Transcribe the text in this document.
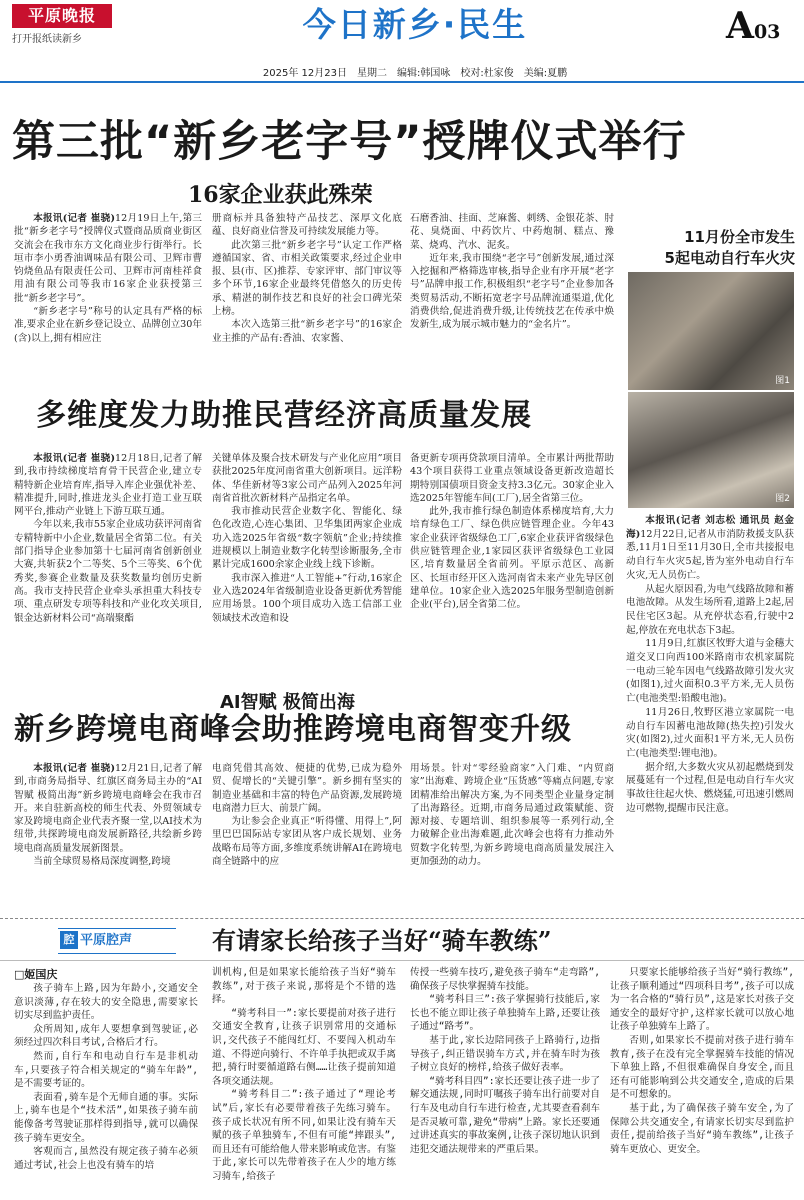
平原晚报
打开报纸读新乡	今日新乡·民生	A03
2025年 12月23日　星期二　编辑:韩国咏　校对:杜家俊　美编:夏鹏
第三批“新乡老字号”授牌仪式举行
16家企业获此殊荣

本报讯(记者 崔骁)12月19日上午,第三批“新乡老字号”授牌仪式暨商品质商业街区交流会在我市东方文化商业步行街举行。长垣市李小勇香油调味品有限公司、卫辉市曹钧烧鱼品有限责任公司、卫辉市河南桂祥食用油有限公司等我市16家企业获授第三批“新乡老字号”。

“新乡老字号”称号的认定具有严格的标准,要求企业在新乡登记设立、品牌创立30年(含)以上,拥有相应注

册商标并具备独特产品技艺、深厚文化底蕴、良好商业信誉及可持续发展能力等。

此次第三批“新乡老字号”认定工作严格遵循国家、省、市相关政策要求,经过企业申报、县(市、区)推荐、专家评审、部门审议等多个环节,16家企业最终凭借悠久的历史传承、精湛的制作技艺和良好的社会口碑光荣上榜。

本次入选第三批“新乡老字号”的16家企业主推的产品有:香油、农家酱、

石磨香油、挂面、芝麻酱、刺绣、金银花茶、肘花、臭烧面、中药饮片、中药炮制、糕点、豫菜、烧鸡、汽水、泥炙。

近年来,我市围绕“老字号”创新发展,通过深入挖掘和严格筛选审核,指导企业有序开展“老字号”品牌申报工作,积极组织“老字号”企业参加各类贸易活动,不断拓宽老字号品牌流通渠道,优化消费供给,促进消费升级,让传统技艺在传承中焕发新生,成为展示城市魅力的“金名片”。

多维度发力助推民营经济高质量发展

本报讯(记者 崔骁)12月18日,记者了解到,我市持续梯度培育骨干民营企业,建立专精特新企业培育库,指导入库企业强优补差、精准提升,同时,推进龙头企业打造工业互联网平台,推动产业链上下游互联互通。

今年以来,我市55家企业成功获评河南省专精特新中小企业,数量居全省第二位。有关部门指导企业参加第十七届河南省创新创业大赛,共斩获2个二等奖、5个三等奖、6个优秀奖,参赛企业数量及获奖数量均创历史新高。我市支持民营企业牵头承担重大科技专项、重点研发专项等科技和产业化攻关项目,银金达新材料公司“高端聚酯

关键单体及聚合技术研发与产业化应用”项目获批2025年度河南省重大创新项目。远洋粉体、华佳新材等3家公司产品列入2025年河南省首批次新材料产品指定名单。

我市推动民营企业数字化、智能化、绿色化改造,心连心集团、卫华集团两家企业成功入选2025年省级“数字领航”企业;持续推进规模以上制造业数字化转型诊断服务,全市累计完成1600余家企业线上线下诊断。

我市深入推进“人工智能+”行动,16家企业入选2024年省级制造业设备更新优秀智能应用场景。100个项目成功入选工信部工业领域技术改造和设

备更新专项再贷款项目清单。全市累计两批帮助43个项目获得工业重点领域设备更新改造超长期特别国债项目资金支持3.3亿元。30家企业入选2025年智能车间(工厂),居全省第三位。

此外,我市推行绿色制造体系梯度培育,大力培育绿色工厂、绿色供应链管理企业。今年43家企业获评省级绿色工厂,6家企业获评省级绿色供应链管理企业,1家园区获评省级绿色工业园区,培育数量居全省前列。平原示范区、高新区、长垣市经开区入选河南省未来产业先导区创建单位。10家企业入选2025年服务型制造创新企业(平台),居全省第二位。

AI智赋 极简出海
新乡跨境电商峰会助推跨境电商智变升级

本报讯(记者 崔骁)12月21日,记者了解到,市商务局指导、红旗区商务局主办的“AI智赋 极简出海”新乡跨境电商峰会在我市召开。来自驻新高校的师生代表、外贸领域专家及跨境电商企业代表齐聚一堂,以AI技术为纽带,共探跨境电商发展新路径,共绘新乡跨境电商高质量发展新图景。

当前全球贸易格局深度调整,跨境

电商凭借其高效、便捷的优势,已成为稳外贸、促增长的“关键引擎”。新乡拥有坚实的制造业基础和丰富的特色产品资源,发展跨境电商潜力巨大、前景广阔。

为让参会企业真正“听得懂、用得上”,阿里巴巴国际站专家团从客户成长规划、业务战略布局等方面,多维度系统讲解AI在跨境电商全链路中的应

用场景。针对“零经验商家”入门难、“内贸商家”出海难、跨境企业“压货感”等痛点问题,专家团精准给出解决方案,为不同类型企业量身定制了出海路径。近期,市商务局通过政策赋能、资源对接、专题培训、组织参展等一系列行动,全力破解企业出海难题,此次峰会也将有力推动外贸数字化转型,为新乡跨境电商高质量发展注入更加强劲的动力。

11月份全市发生
5起电动自行车火灾
图1
图2

本报讯(记者 刘志松 通讯员 赵金海)12月22日,记者从市消防救援支队获悉,11月1日至11月30日,全市共接报电动自行车火灾5起,皆为室外电动自行车火灾,无人员伤亡。

从起火原因看,为电气线路故障和蓄电池故障。从发生场所看,道路上2起,居民住宅区3起。从充停状态看,行驶中2起,停放在充电状态下3起。

11月9日,红旗区牧野大道与金穗大道交叉口向西100米路南市农机家属院一电动三轮车因电气线路故障引发火灾(如图1),过火面积0.3平方米,无人员伤亡(电池类型:铅酸电池)。

11月26日,牧野区港立家属院一电动自行车因蓄电池故障(热失控)引发火灾(如图2),过火面积1平方米,无人员伤亡(电池类型:锂电池)。

据介绍,大多数火灾从初起燃烧到发展蔓延有一个过程,但是电动自行车火灾事故往往起火快、燃烧猛,可迅速引燃周边可燃物,提醒市民注意。

平原腔声
腔	有请家长给孩子当好“骑车教练”
□姬国庆

孩子骑车上路,因为年龄小,交通安全意识淡薄,存在较大的安全隐患,需要家长切实尽到监护责任。

众所周知,成年人要想拿到驾驶证,必须经过四次科目考试,合格后才行。

然而,自行车和电动自行车是非机动车,只要孩子符合相关规定的“骑车年龄”,是不需要考证的。

表面看,骑车是个无师自通的事。实际上,骑车也是个“技术活”,如果孩子骑车前能像备考驾驶证那样得到指导,就可以确保孩子骑车更安全。

客观而言,虽然没有规定孩子骑车必须通过考试,社会上也没有骑车的培

训机构,但是如果家长能给孩子当好“骑车教练”,对于孩子来说,那将是个不错的选择。

“骑考科目一”:家长要提前对孩子进行交通安全教育,让孩子识别常用的交通标识,交代孩子不能闯红灯、不要闯入机动车道、不得逆向骑行、不许单手执把或双手离把,骑行时要循道路右侧……让孩子提前知道各项交通法规。

“骑考科目二”:孩子通过了“理论考试”后,家长有必要带着孩子先练习骑车。孩子成长状况有所不同,如果让没有骑车天赋的孩子单独骑车,不但有可能“摔跟头”,而且还有可能给他人带来影响或危害。有鉴于此,家长可以先带着孩子在人少的地方练习骑车,给孩子

传授一些骑车技巧,避免孩子骑车“走弯路”,确保孩子尽快掌握骑车技能。

“骑考科目三”:孩子掌握骑行技能后,家长也不能立即让孩子单独骑车上路,还要让孩子通过“路考”。

基于此,家长边陪同孩子上路骑行,边指导孩子,纠正错误骑车方式,并在骑车时为孩子树立良好的榜样,给孩子做好表率。

“骑考科目四”:家长还要让孩子进一步了解交通法规,同时叮嘱孩子骑车出行前要对自行车及电动自行车进行检查,尤其要查看刹车是否灵敏可靠,避免“带病”上路。家长还要通过讲述真实的事故案例,让孩子深切地认识到违犯交通法规带来的严重后果。

只要家长能够给孩子当好“骑行教练”,让孩子顺利通过“四项科目考”,孩子可以成为一名合格的“骑行员”,这是家长对孩子交通安全的最好守护,这样家长就可以放心地让孩子单独骑车上路了。

否则,如果家长不提前对孩子进行骑车教育,孩子在没有完全掌握骑车技能的情况下单独上路,不但很难确保自身安全,而且还有可能影响到公共交通安全,造成的后果是不可想象的。

基于此,为了确保孩子骑车安全,为了保障公共交通安全,有请家长切实尽到监护责任,提前给孩子当好“骑车教练”,让孩子骑车更放心、更安全。
